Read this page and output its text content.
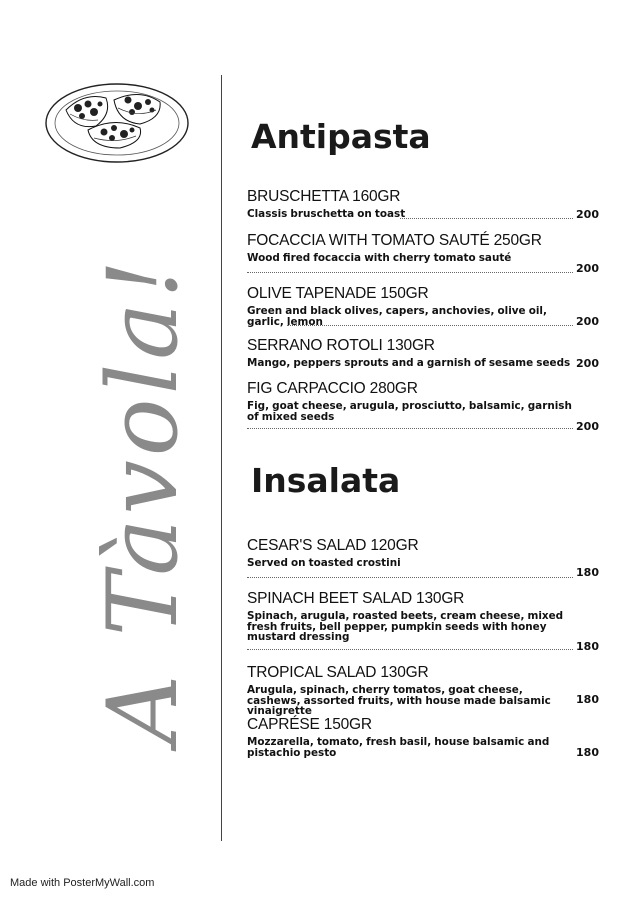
A Tàvola!
Antipasta
BRUSCHETTA 160GR
Classis bruschetta on toast	200
FOCACCIA WITH TOMATO SAUTÉ 250GR
Wood fired focaccia with cherry tomato sauté
200
OLIVE TAPENADE 150GR
Green and black olives, capers, anchovies, olive oil, garlic, lemon	200
SERRANO ROTOLI 130GR
Mango, peppers sprouts and a garnish of sesame seeds 200
FIG CARPACCIO 280GR
Fig, goat cheese, arugula, prosciutto, balsamic, garnish of mixed seeds
200
Insalata
CESAR'S SALAD 120GR
Served on toasted crostini
180
SPINACH BEET SALAD 130GR
Spinach, arugula, roasted beets, cream cheese, mixed fresh fruits, bell pepper, pumpkin seeds with honey mustard dressing
180
TROPICAL SALAD 130GR
Arugula, spinach, cherry tomatos, goat cheese, cashews, assorted fruits, with house made balsamic vinaigrette
180
CAPRÉSE 150GR
Mozzarella, tomato, fresh basil, house balsamic and pistachio pesto	180
Made with PosterMyWall.com
